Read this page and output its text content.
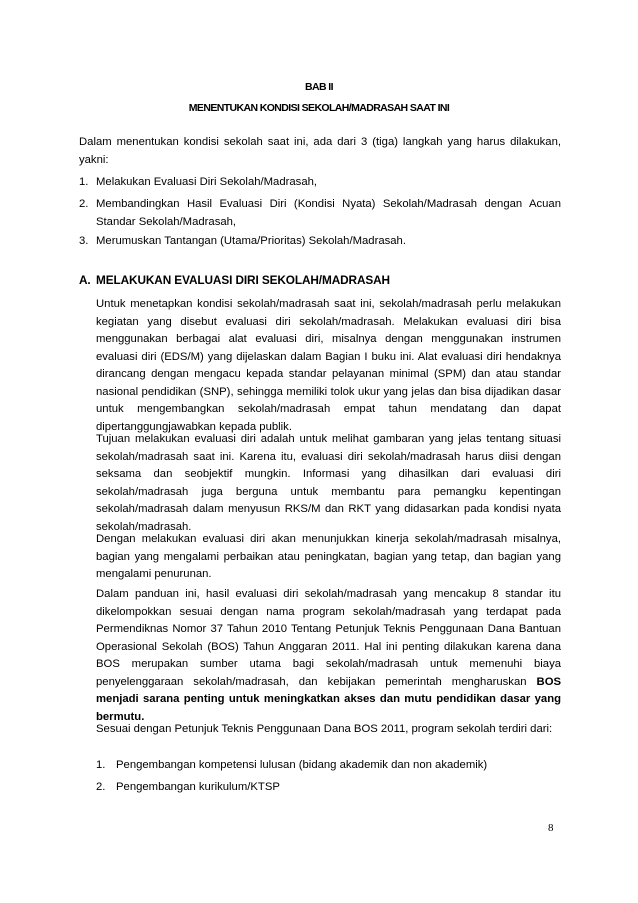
BAB II
MENENTUKAN KONDISI SEKOLAH/MADRASAH SAAT INI

Dalam menentukan kondisi sekolah saat ini, ada dari 3 (tiga) langkah yang harus dilakukan, yakni:

1. Melakukan Evaluasi Diri Sekolah/Madrasah,

2. Membandingkan Hasil Evaluasi Diri (Kondisi Nyata) Sekolah/Madrasah dengan Acuan Standar Sekolah/Madrasah,

3. Merumuskan Tantangan (Utama/Prioritas) Sekolah/Madrasah.

A. MELAKUKAN EVALUASI DIRI SEKOLAH/MADRASAH

Untuk menetapkan kondisi sekolah/madrasah saat ini, sekolah/madrasah perlu melakukan kegiatan yang disebut evaluasi diri sekolah/madrasah. Melakukan evaluasi diri bisa menggunakan berbagai alat evaluasi diri, misalnya dengan menggunakan instrumen evaluasi diri (EDS/M) yang dijelaskan dalam Bagian I buku ini. Alat evaluasi diri hendaknya dirancang dengan mengacu kepada standar pelayanan minimal (SPM) dan atau standar nasional pendidikan (SNP), sehingga memiliki tolok ukur yang jelas dan bisa dijadikan dasar untuk mengembangkan sekolah/madrasah empat tahun mendatang dan dapat dipertanggungjawabkan kepada publik.

Tujuan melakukan evaluasi diri adalah untuk melihat gambaran yang jelas tentang situasi sekolah/madrasah saat ini. Karena itu, evaluasi diri sekolah/madrasah harus diisi dengan seksama dan seobjektif mungkin. Informasi yang dihasilkan dari evaluasi diri sekolah/madrasah juga berguna untuk membantu para pemangku kepentingan sekolah/madrasah dalam menyusun RKS/M dan RKT yang didasarkan pada kondisi nyata sekolah/madrasah.

Dengan melakukan evaluasi diri akan menunjukkan kinerja sekolah/madrasah misalnya, bagian yang mengalami perbaikan atau peningkatan, bagian yang tetap, dan bagian yang mengalami penurunan.

Dalam panduan ini, hasil evaluasi diri sekolah/madrasah yang mencakup 8 standar itu dikelompokkan sesuai dengan nama program sekolah/madrasah yang terdapat pada Permendiknas Nomor 37 Tahun 2010 Tentang Petunjuk Teknis Penggunaan Dana Bantuan Operasional Sekolah (BOS) Tahun Anggaran 2011. Hal ini penting dilakukan karena dana BOS merupakan sumber utama bagi sekolah/madrasah untuk memenuhi biaya penyelenggaraan sekolah/madrasah, dan kebijakan pemerintah mengharuskan BOS menjadi sarana penting untuk meningkatkan akses dan mutu pendidikan dasar yang bermutu.

Sesuai dengan Petunjuk Teknis Penggunaan Dana BOS 2011, program sekolah terdiri dari:

1. Pengembangan kompetensi lulusan (bidang akademik dan non akademik)

2. Pengembangan kurikulum/KTSP

8
